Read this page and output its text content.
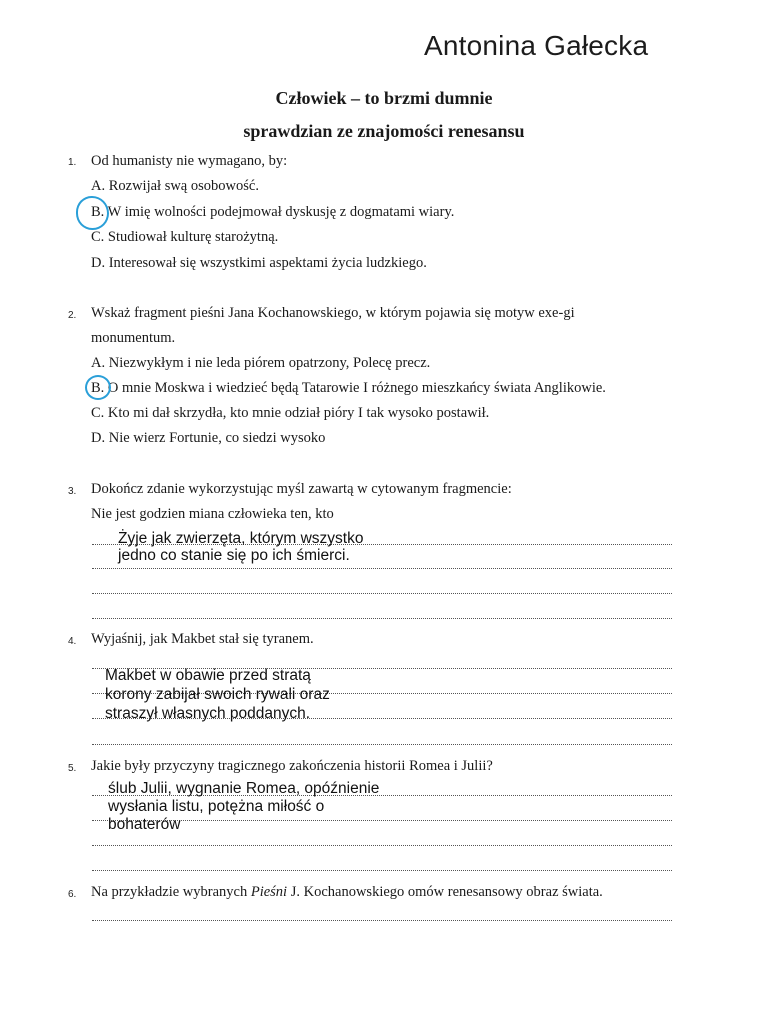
Antonina Gałecka
Człowiek – to brzmi dumnie
sprawdzian ze znajomości renesansu
1. Od humanisty nie wymagano, by:
A. Rozwijał swą osobowość.
B. W imię wolności podejmował dyskusję z dogmatami wiary.
C. Studiował kulturę starożytną.
D. Interesował się wszystkimi aspektami życia ludzkiego.
2. Wskaż fragment pieśni Jana Kochanowskiego, w którym pojawia się motyw exe-gi
monumentum.
A. Niezwykłym i nie leda piórem opatrzony, Polecę precz.
B. O mnie Moskwa i wiedzieć będą Tatarowie I różnego mieszkańcy świata Anglikowie.
C. Kto mi dał skrzydła, kto mnie odział pióry I tak wysoko postawił.
D. Nie wierz Fortunie, co siedzi wysoko
3. Dokończ zdanie wykorzystując myśl zawartą w cytowanym fragmencie:
Nie jest godzien miana człowieka ten, kto
Żyje jak zwierzęta, którym wszystko
jedno co stanie się po ich śmierci.
4. Wyjaśnij, jak Makbet stał się tyranem.
Makbet w obawie przed stratą
korony zabijał swoich rywali oraz
straszył własnych poddanych.
5. Jakie były przyczyny tragicznego zakończenia historii Romea i Julii?
ślub Julii, wygnanie Romea, opóźnienie
wysłania listu, potężna miłość o
bohaterów
6. Na przykładzie wybranych Pieśni J. Kochanowskiego omów renesansowy obraz świata.
